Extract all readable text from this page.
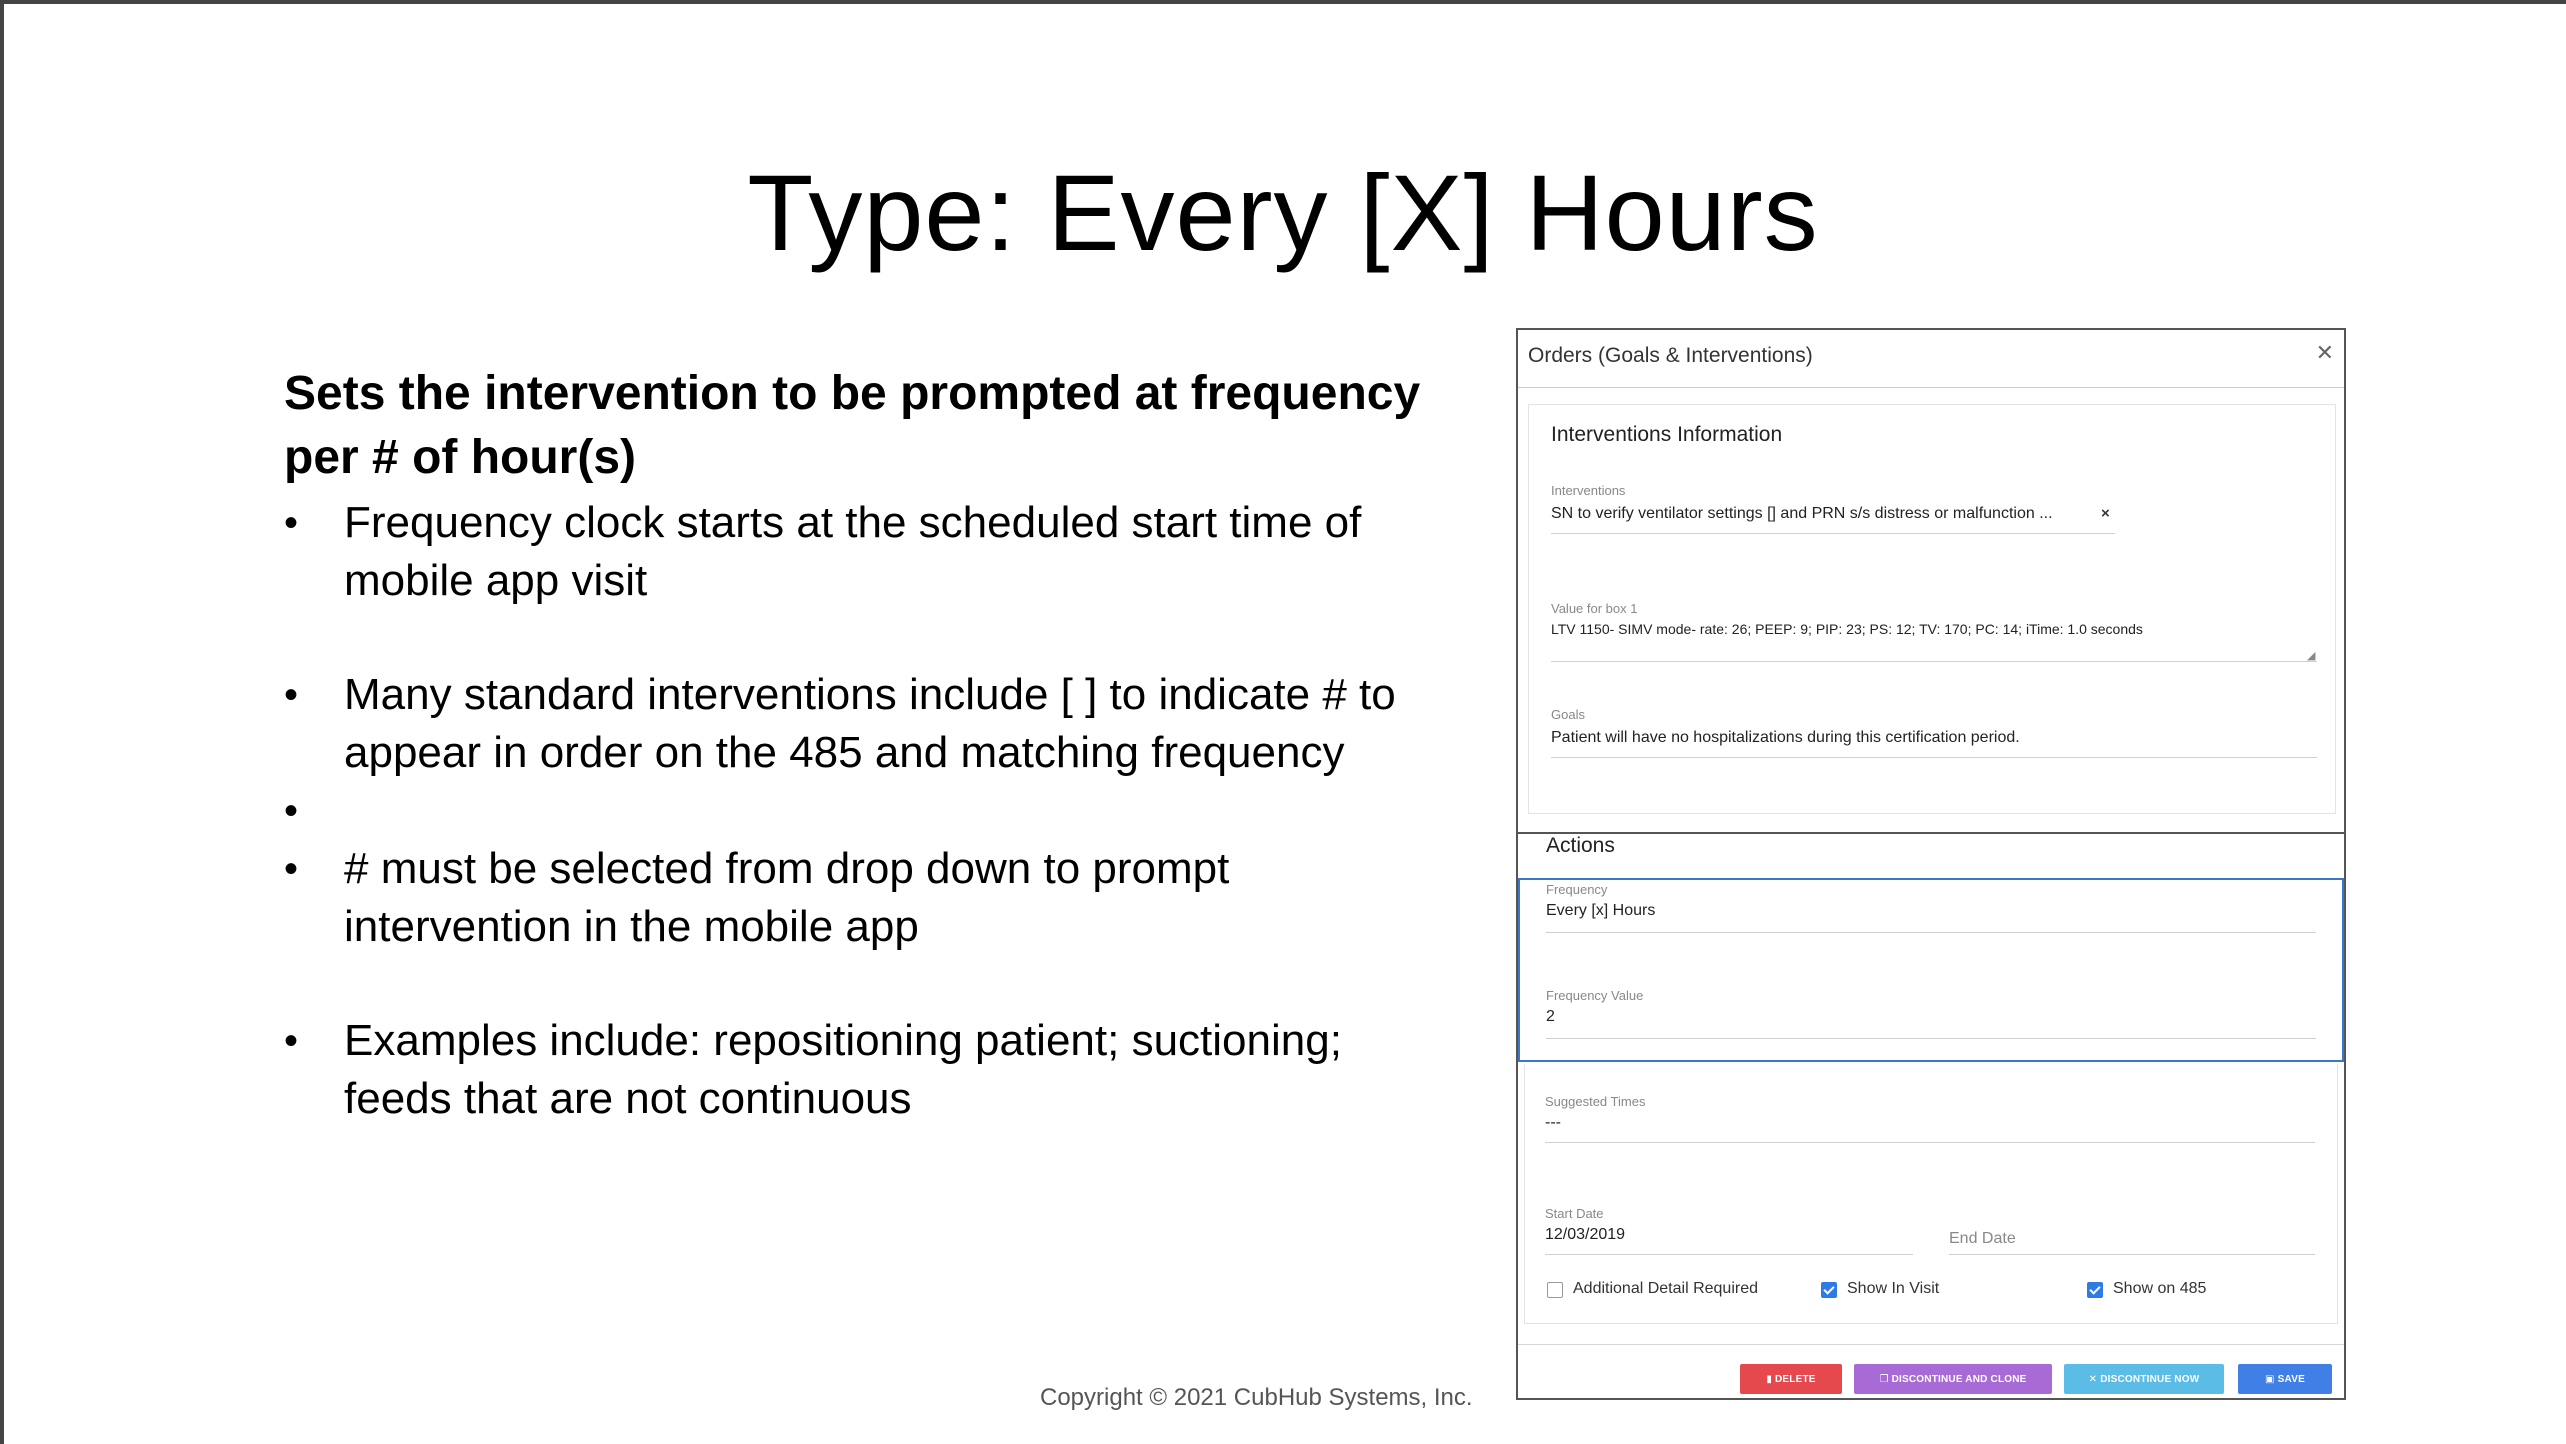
Type: Every [X] Hours
Sets the intervention to be prompted at frequency per # of hour(s)
• Frequency clock starts at the scheduled start time of mobile app visit
• Many standard interventions include [ ] to indicate # to appear in order on the 485 and matching frequency
•
• # must be selected from drop down to prompt intervention in the mobile app
• Examples include: repositioning patient; suctioning; feeds that are not continuous
Copyright © 2021 CubHub Systems, Inc.
Orders (Goals & Interventions)	✕
Interventions Information
Interventions
SN to verify ventilator settings [] and PRN s/s distress or malfunction ...	×
Value for box 1
LTV 1150- SIMV mode- rate: 26; PEEP: 9; PIP: 23; PS: 12; TV: 170; PC: 14; iTime: 1.0 seconds
◢
Goals
Patient will have no hospitalizations during this certification period.
Actions
Frequency
Every [x] Hours
Frequency Value
2
Suggested Times
---
Start Date
12/03/2019	End Date
Additional Detail Required	Show In Visit	Show on 485
▮ DELETE	❐ DISCONTINUE AND CLONE	✕ DISCONTINUE NOW	▣ SAVE
